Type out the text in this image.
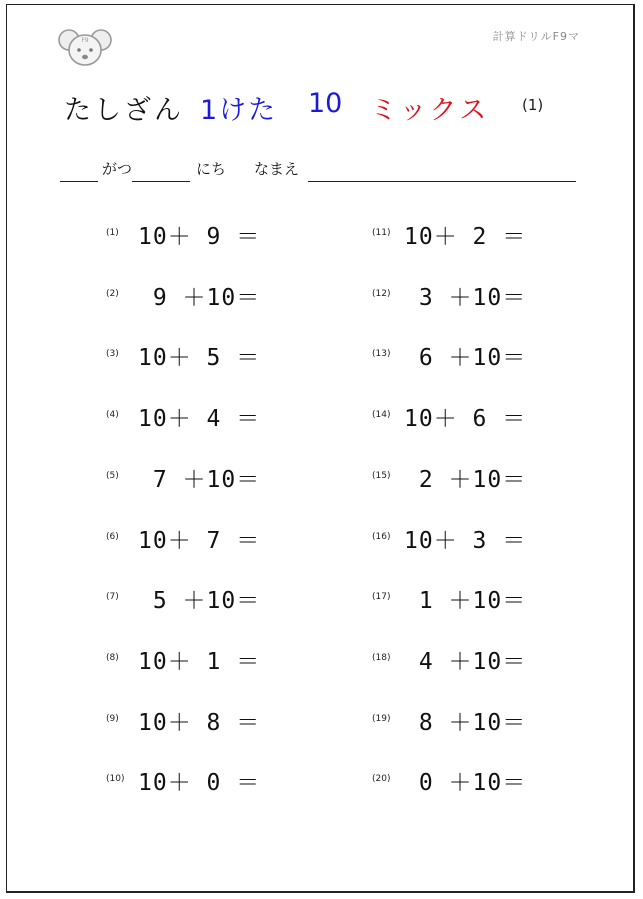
F9	計算ドリルF9マ
たしざん 1けた 10 ミックス (1)
がつ	にち なまえ
(1) 10＋ 9 ＝
(2) 9 ＋10＝
(3) 10＋ 5 ＝
(4) 10＋ 4 ＝
(5) 7 ＋10＝
(6) 10＋ 7 ＝
(7) 5 ＋10＝
(8) 10＋ 1 ＝
(9) 10＋ 8 ＝
(10) 10＋ 0 ＝
(11) 10＋ 2 ＝
(12) 3 ＋10＝
(13) 6 ＋10＝
(14) 10＋ 6 ＝
(15) 2 ＋10＝
(16) 10＋ 3 ＝
(17) 1 ＋10＝
(18) 4 ＋10＝
(19) 8 ＋10＝
(20) 0 ＋10＝
